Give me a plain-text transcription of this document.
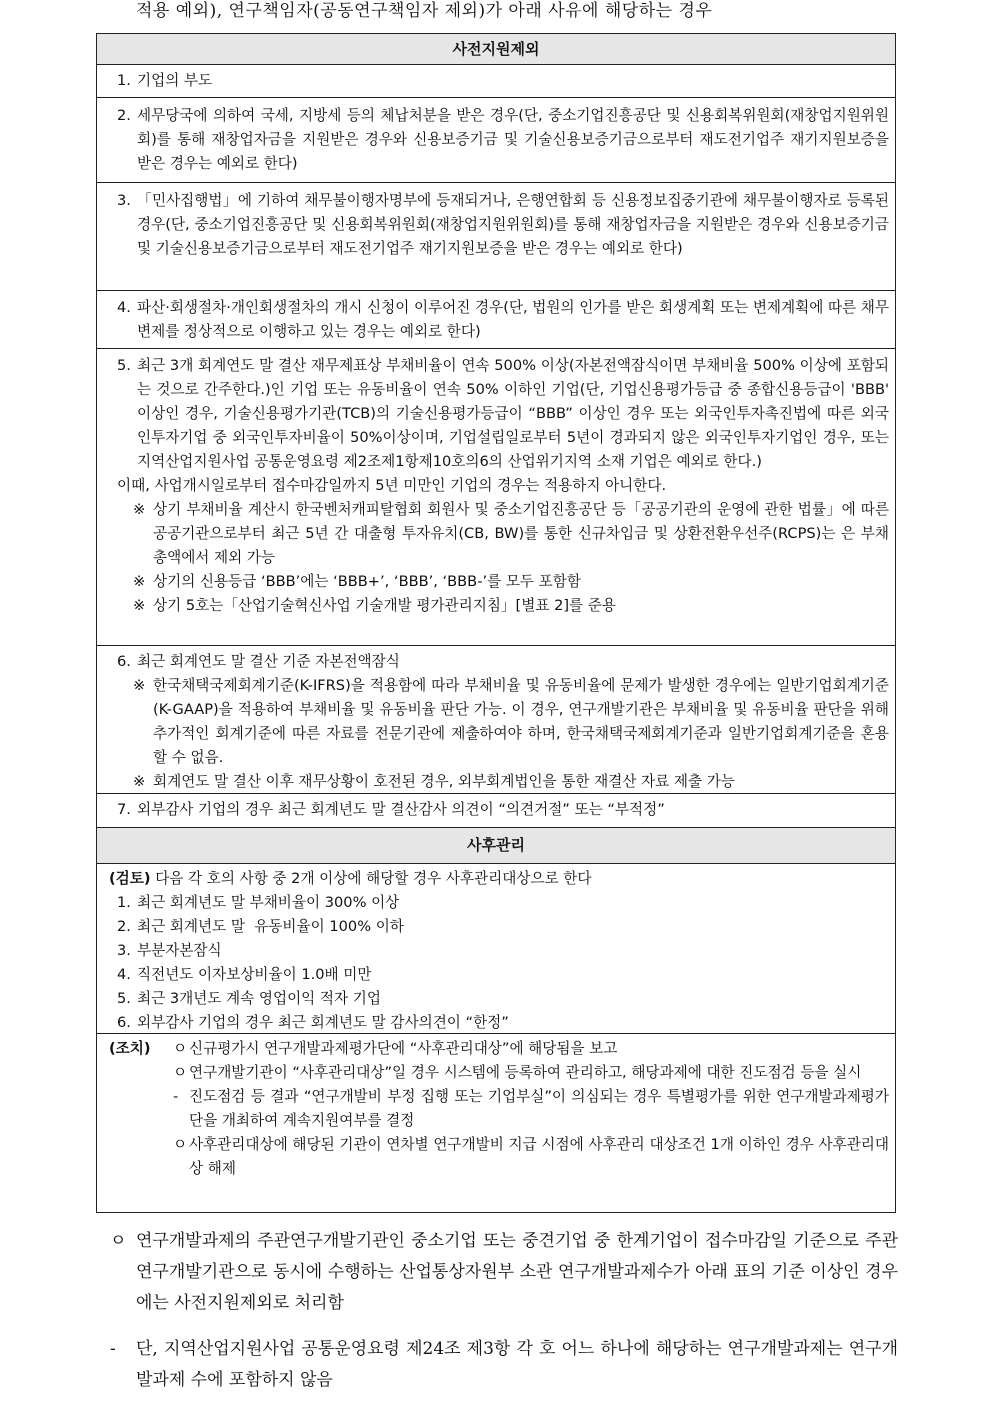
적용 예외), 연구책임자(공동연구책임자 제외)가 아래 사유에 해당하는 경우
사전지원제외
1. 기업의 부도
2. 세무당국에 의하여 국세, 지방세 등의 체납처분을 받은 경우(단, 중소기업진흥공단 및 신용회복위원회(재창업지원위원회)를 통해 재창업자금을 지원받은 경우와 신용보증기금 및 기술신용보증기금으로부터 재도전기업주 재기지원보증을 받은 경우는 예외로 한다)
3. 「민사집행법」에 기하여 채무불이행자명부에 등재되거나, 은행연합회 등 신용정보집중기관에 채무불이행자로 등록된 경우(단, 중소기업진흥공단 및 신용회복위원회(재창업지원위원회)를 통해 재창업자금을 지원받은 경우와 신용보증기금 및 기술신용보증기금으로부터 재도전기업주 재기지원보증을 받은 경우는 예외로 한다)
4. 파산·회생절차·개인회생절차의 개시 신청이 이루어진 경우(단, 법원의 인가를 받은 회생계획 또는 변제계획에 따른 채무변제를 정상적으로 이행하고 있는 경우는 예외로 한다)
5. 최근 3개 회계연도 말 결산 재무제표상 부채비율이 연속 500% 이상(자본전액잠식이면 부채비율 500% 이상에 포함되는 것으로 간주한다.)인 기업 또는 유동비율이 연속 50% 이하인 기업(단, 기업신용평가등급 중 종합신용등급이 'BBB' 이상인 경우, 기술신용평가기관(TCB)의 기술신용평가등급이 “BBB” 이상인 경우 또는 외국인투자촉진법에 따른 외국인투자기업 중 외국인투자비율이 50%이상이며, 기업설립일로부터 5년이 경과되지 않은 외국인투자기업인 경우, 또는 지역산업지원사업 공통운영요령 제2조제1항제10호의6의 산업위기지역 소재 기업은 예외로 한다.)
이때, 사업개시일로부터 접수마감일까지 5년 미만인 기업의 경우는 적용하지 아니한다.
※ 상기 부채비율 계산시 한국벤처캐피탈협회 회원사 및 중소기업진흥공단 등「공공기관의 운영에 관한 법률」에 따른 공공기관으로부터 최근 5년 간 대출형 투자유치(CB, BW)를 통한 신규차입금 및 상환전환우선주(RCPS)는 은 부채총액에서 제외 가능
※ 상기의 신용등급 ‘BBB’에는 ‘BBB+’, ‘BBB’, ‘BBB-’를 모두 포함함
※ 상기 5호는「산업기술혁신사업 기술개발 평가관리지침」[별표 2]를 준용
6. 최근 회계연도 말 결산 기준 자본전액잠식
※ 한국채택국제회계기준(K-IFRS)을 적용함에 따라 부채비율 및 유동비율에 문제가 발생한 경우에는 일반기업회계기준(K-GAAP)을 적용하여 부채비율 및 유동비율 판단 가능. 이 경우, 연구개발기관은 부채비율 및 유동비율 판단을 위해 추가적인 회계기준에 따른 자료를 전문기관에 제출하여야 하며, 한국채택국제회계기준과 일반기업회계기준을 혼용할 수 없음.
※ 회계연도 말 결산 이후 재무상황이 호전된 경우, 외부회계법인을 통한 재결산 자료 제출 가능
7. 외부감사 기업의 경우 최근 회계년도 말 결산감사 의견이 “의견거절” 또는 “부적정”
사후관리
(검토) 다음 각 호의 사항 중 2개 이상에 해당할 경우 사후관리대상으로 한다
1. 최근 회계년도 말 부채비율이 300% 이상
2. 최근 회계년도 말  유동비율이 100% 이하
3. 부분자본잠식
4. 직전년도 이자보상비율이 1.0배 미만
5. 최근 3개년도 계속 영업이익 적자 기업
6. 외부감사 기업의 경우 최근 회계년도 말 감사의견이 “한정”
(조치) ㅇ 신규평가시 연구개발과제평가단에 “사후관리대상”에 해당됨을 보고
ㅇ 연구개발기관이 “사후관리대상”일 경우 시스템에 등록하여 관리하고, 해당과제에 대한 진도점검 등을 실시
- 진도점검 등 결과 “연구개발비 부정 집행 또는 기업부실”이 의심되는 경우 특별평가를 위한 연구개발과제평가단을 개최하여 계속지원여부를 결정
ㅇ 사후관리대상에 해당된 기관이 연차별 연구개발비 지급 시점에 사후관리 대상조건 1개 이하인 경우 사후관리대상 해제
ㅇ 연구개발과제의 주관연구개발기관인 중소기업 또는 중견기업 중 한계기업이 접수마감일 기준으로 주관연구개발기관으로 동시에 수행하는 산업통상자원부 소관 연구개발과제수가 아래 표의 기준 이상인 경우에는 사전지원제외로 처리함
-	단, 지역산업지원사업 공통운영요령 제24조 제3항 각 호 어느 하나에 해당하는 연구개발과제는 연구개발과제 수에 포함하지 않음
